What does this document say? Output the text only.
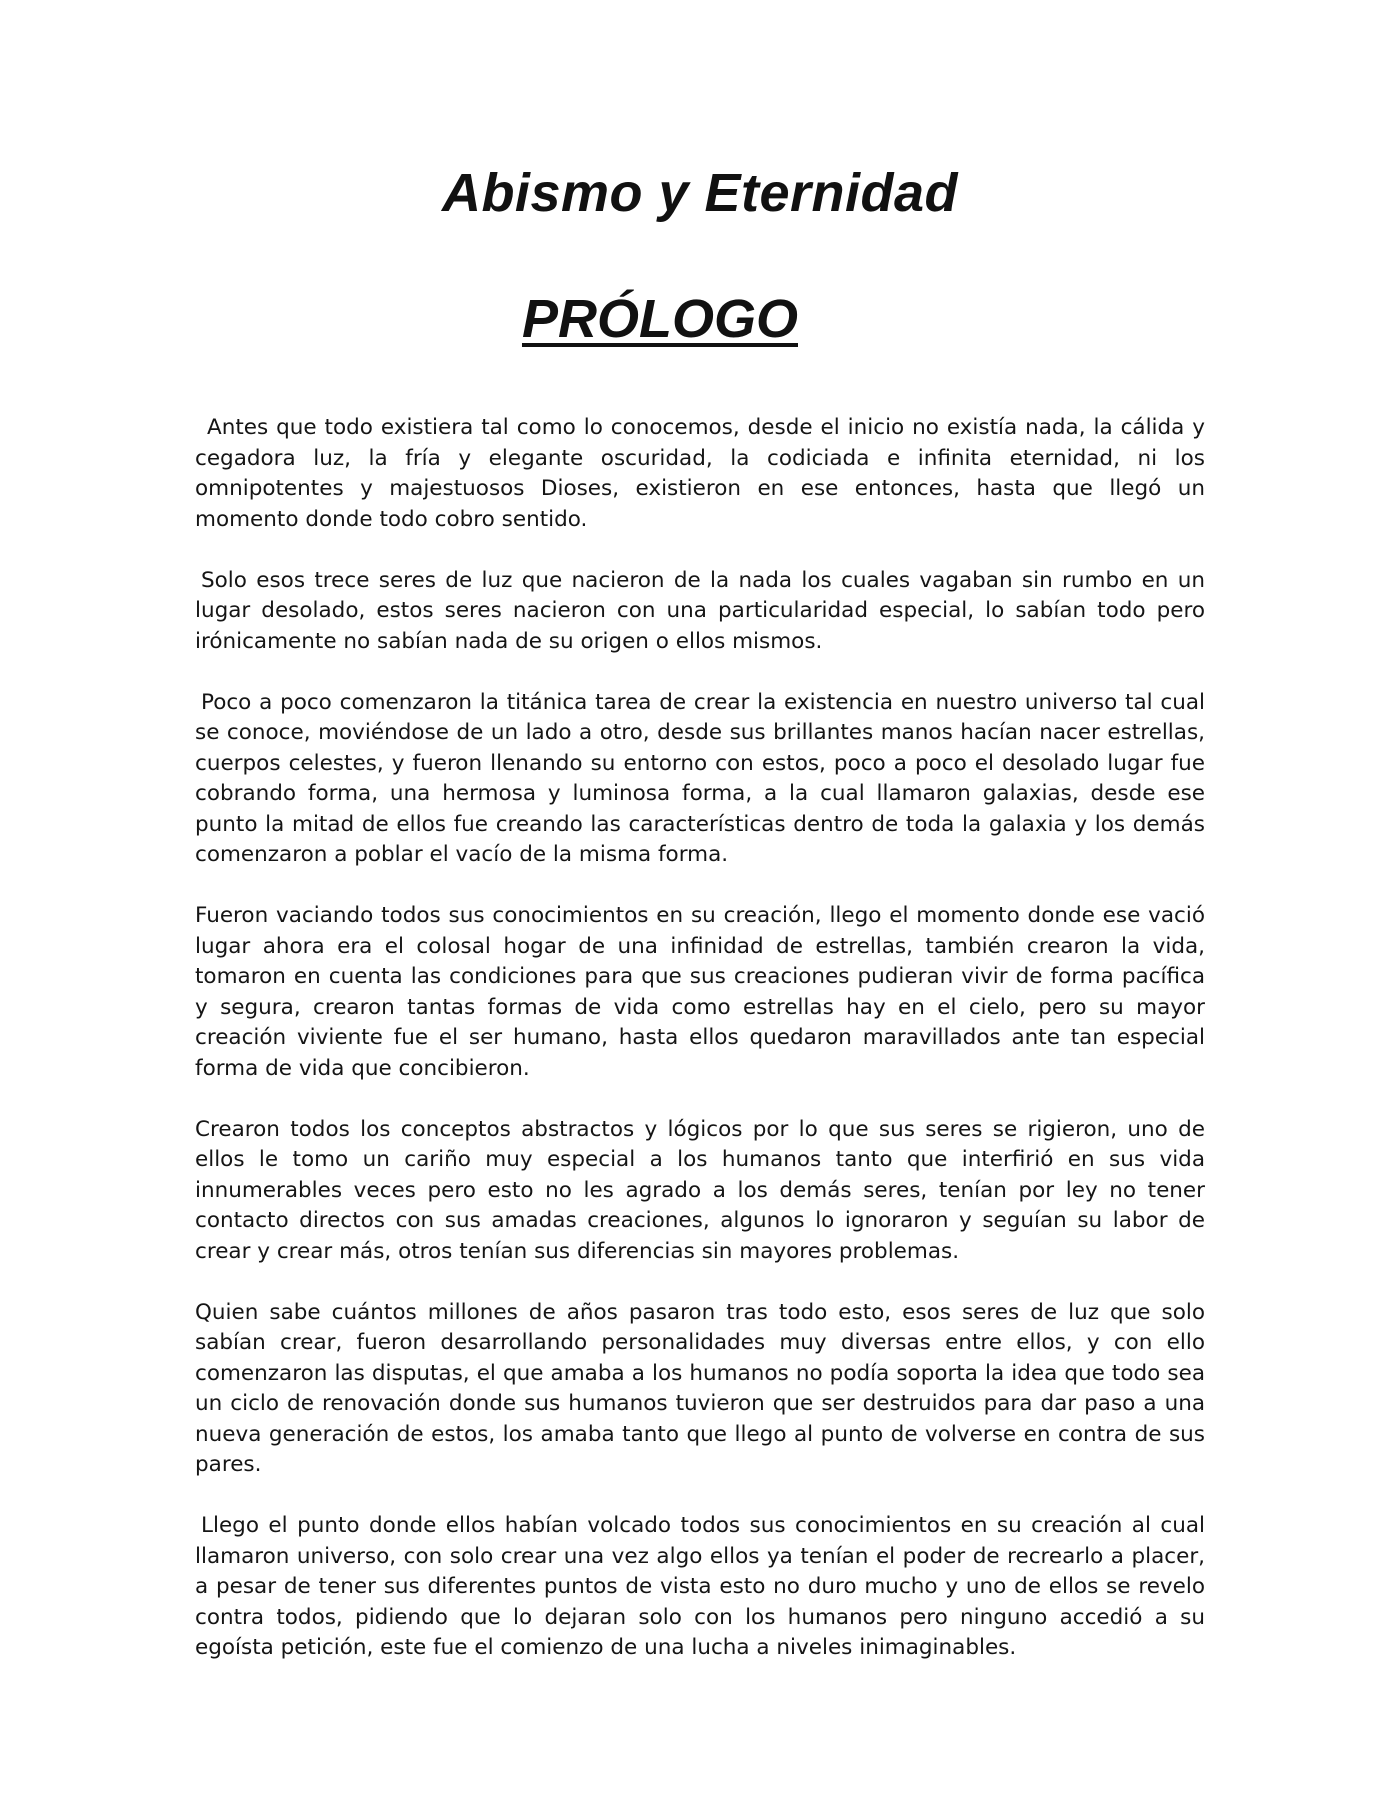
Abismo y Eternidad
PRÓLOGO

Antes que todo existiera tal como lo conocemos, desde el inicio no existía nada, la cálida y cegadora luz, la fría y elegante oscuridad, la codiciada e infinita eternidad, ni los omnipotentes y majestuosos Dioses, existieron en ese entonces, hasta que llegó un momento donde todo cobro sentido.

Solo esos trece seres de luz que nacieron de la nada los cuales vagaban sin rumbo en un lugar desolado, estos seres nacieron con una particularidad especial, lo sabían todo pero irónicamente no sabían nada de su origen o ellos mismos.

Poco a poco comenzaron la titánica tarea de crear la existencia en nuestro universo tal cual se conoce, moviéndose de un lado a otro, desde sus brillantes manos hacían nacer estrellas, cuerpos celestes, y fueron llenando su entorno con estos, poco a poco el desolado lugar fue cobrando forma, una hermosa y luminosa forma, a la cual llamaron galaxias, desde ese punto la mitad de ellos fue creando las características dentro de toda la galaxia y los demás comenzaron a poblar el vacío de la misma forma.

Fueron vaciando todos sus conocimientos en su creación, llego el momento donde ese vació lugar ahora era el colosal hogar de una infinidad de estrellas, también crearon la vida, tomaron en cuenta las condiciones para que sus creaciones pudieran vivir de forma pacífica y segura, crearon tantas formas de vida como estrellas hay en el cielo, pero su mayor creación viviente fue el ser humano, hasta ellos quedaron maravillados ante tan especial forma de vida que concibieron.

Crearon todos los conceptos abstractos y lógicos por lo que sus seres se rigieron, uno de ellos le tomo un cariño muy especial a los humanos tanto que interfirió en sus vida innumerables veces pero esto no les agrado a los demás seres, tenían por ley no tener contacto directos con sus amadas creaciones, algunos lo ignoraron y seguían su labor de crear y crear más, otros tenían sus diferencias sin mayores problemas.

Quien sabe cuántos millones de años pasaron tras todo esto, esos seres de luz que solo sabían crear, fueron desarrollando personalidades muy diversas entre ellos, y con ello comenzaron las disputas, el que amaba a los humanos no podía soporta la idea que todo sea un ciclo de renovación donde sus humanos tuvieron que ser destruidos para dar paso a una nueva generación de estos, los amaba tanto que llego al punto de volverse en contra de sus pares.

Llego el punto donde ellos habían volcado todos sus conocimientos en su creación al cual llamaron universo, con solo crear una vez algo ellos ya tenían el poder de recrearlo a placer, a pesar de tener sus diferentes puntos de vista esto no duro mucho y uno de ellos se revelo contra todos, pidiendo que lo dejaran solo con los humanos pero ninguno accedió a su egoísta petición, este fue el comienzo de una lucha a niveles inimaginables.
